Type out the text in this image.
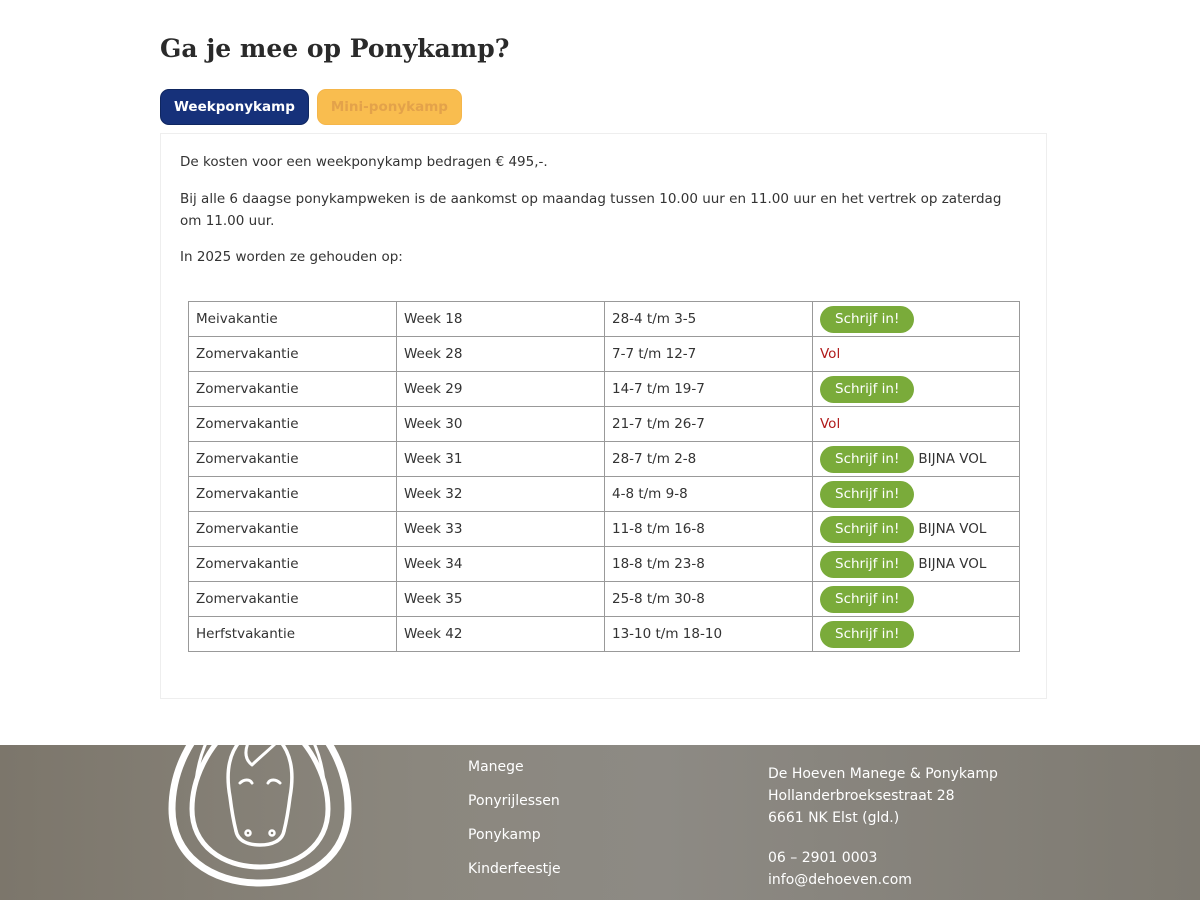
Ga je mee op Ponykamp?
Weekponykamp	Mini-ponykamp

De kosten voor een weekponykamp bedragen € 495,-.

Bij alle 6 daagse ponykampweken is de aankomst op maandag tussen 10.00 uur en 11.00 uur en het vertrek op zaterdag om 11.00 uur.

In 2025 worden ze gehouden op:

Meivakantie	Week 18	28-4 t/m 3-5	Schrijf in!
Zomervakantie	Week 28	7-7 t/m 12-7	Vol
Zomervakantie	Week 29	14-7 t/m 19-7	Schrijf in!
Zomervakantie	Week 30	21-7 t/m 26-7	Vol
Zomervakantie	Week 31	28-7 t/m 2-8	Schrijf in! BIJNA VOL
Zomervakantie	Week 32	4-8 t/m 9-8	Schrijf in!
Zomervakantie	Week 33	11-8 t/m 16-8	Schrijf in! BIJNA VOL
Zomervakantie	Week 34	18-8 t/m 23-8	Schrijf in! BIJNA VOL
Zomervakantie	Week 35	25-8 t/m 30-8	Schrijf in!
Herfstvakantie	Week 42	13-10 t/m 18-10	Schrijf in!
Manege
Ponyrijlessen
Ponykamp
Kinderfeestje
De Hoeven Manege & Ponykamp
Hollanderbroeksestraat 28
6661 NK Elst (gld.)
06 – 2901 0003
info@dehoeven.com
